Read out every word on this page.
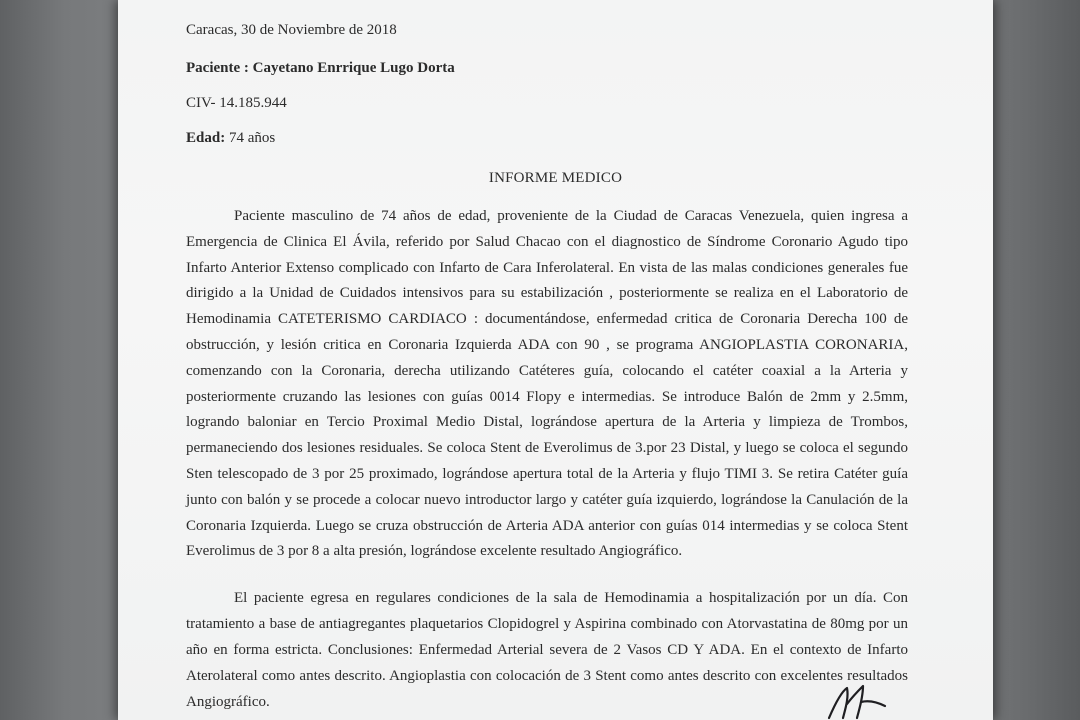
Caracas, 30 de Noviembre de 2018
Paciente : Cayetano Enrrique Lugo Dorta
CIV- 14.185.944
Edad: 74 años
INFORME MEDICO

Paciente masculino de 74 años de edad, proveniente de la Ciudad de Caracas Venezuela, quien ingresa a Emergencia de Clinica El Ávila, referido por Salud Chacao con el diagnostico de Síndrome Coronario Agudo tipo Infarto Anterior Extenso complicado con Infarto de Cara Inferolateral. En vista de las malas condiciones generales fue dirigido a la Unidad de Cuidados intensivos para su estabilización , posteriormente se realiza en el Laboratorio de Hemodinamia CATETERISMO CARDIACO : documentándose, enfermedad critica de Coronaria Derecha 100 de obstrucción, y lesión critica en Coronaria Izquierda ADA con 90 , se programa ANGIOPLASTIA CORONARIA, comenzando con la Coronaria, derecha utilizando Catéteres guía, colocando el catéter coaxial a la Arteria y posteriormente cruzando las lesiones con guías 0014 Flopy e intermedias. Se introduce Balón de 2mm y 2.5mm, logrando baloniar en Tercio Proximal Medio Distal, lográndose apertura de la Arteria y limpieza de Trombos, permaneciendo dos lesiones residuales. Se coloca Stent de Everolimus de 3.por 23 Distal, y luego se coloca el segundo Sten telescopado de 3 por 25 proximado, lográndose apertura total de la Arteria y flujo TIMI 3. Se retira Catéter guía junto con balón y se procede a colocar nuevo introductor largo y catéter guía izquierdo, lográndose la Canulación de la Coronaria Izquierda. Luego se cruza obstrucción de Arteria ADA anterior con guías 014 intermedias y se coloca Stent Everolimus de 3 por 8 a alta presión, lográndose excelente resultado Angiográfico.

El paciente egresa en regulares condiciones de la sala de Hemodinamia a hospitalización por un día. Con tratamiento a base de antiagregantes plaquetarios Clopidogrel y Aspirina combinado con Atorvastatina de 80mg por un año en forma estricta. Conclusiones: Enfermedad Arterial severa de 2 Vasos CD Y ADA. En el contexto de Infarto Aterolateral como antes descrito. Angioplastia con colocación de 3 Stent como antes descrito con excelentes resultados Angiográfico.
